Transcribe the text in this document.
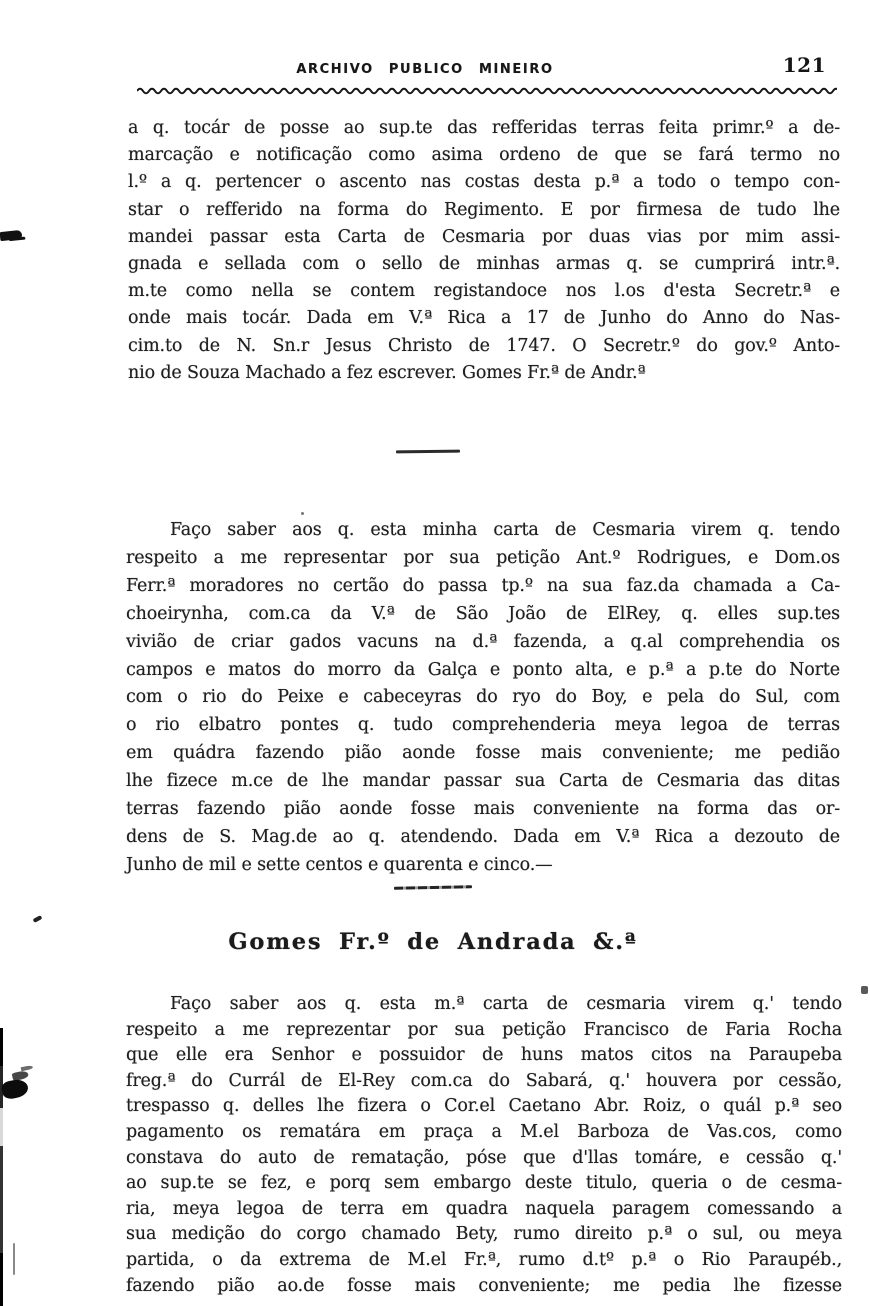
ARCHIVO PUBLICO MINEIRO	121
a q. tocár de posse ao sup.te das refferidas terras feita primr.º a de-
marcação e notificação como asima ordeno de que se fará termo no
l.º a q. pertencer o ascento nas costas desta p.ª a todo o tempo con-
star o refferido na forma do Regimento. E por firmesa de tudo lhe
mandei passar esta Carta de Cesmaria por duas vias por mim assi-
gnada e sellada com o sello de minhas armas q. se cumprirá intr.ª.
m.te como nella se contem registandoce nos l.os d'esta Secretr.ª e
onde mais tocár. Dada em V.ª Rica a 17 de Junho do Anno do Nas-
cim.to de N. Sn.r Jesus Christo de 1747. O Secretr.º do gov.º Anto-
nio de Souza Machado a fez escrever. Gomes Fr.ª de Andr.ª
Faço saber aos q. esta minha carta de Cesmaria virem q. tendo
respeito a me representar por sua petição Ant.º Rodrigues, e Dom.os
Ferr.ª moradores no certão do passa tp.º na sua faz.da chamada a Ca-
choeirynha, com.ca da V.ª de São João de ElRey, q. elles sup.tes
vivião de criar gados vacuns na d.ª fazenda, a q.al comprehendia os
campos e matos do morro da Galça e ponto alta, e p.ª a p.te do Norte
com o rio do Peixe e cabeceyras do ryo do Boy, e pela do Sul, com
o rio elbatro pontes q. tudo comprehenderia meya legoa de terras
em quádra fazendo pião aonde fosse mais conveniente; me pedião
lhe fizece m.ce de lhe mandar passar sua Carta de Cesmaria das ditas
terras fazendo pião aonde fosse mais conveniente na forma das or-
dens de S. Mag.de ao q. atendendo. Dada em V.ª Rica a dezouto de
Junho de mil e sette centos e quarenta e cinco.—
Gomes Fr.º de Andrada &.ª
Faço saber aos q. esta m.ª carta de cesmaria virem q.' tendo
respeito a me reprezentar por sua petição Francisco de Faria Rocha
que elle era Senhor e possuidor de huns matos citos na Paraupeba
freg.ª do Currál de El-Rey com.ca do Sabará, q.' houvera por cessão,
trespasso q. delles lhe fizera o Cor.el Caetano Abr. Roiz, o quál p.ª seo
pagamento os rematára em praça a M.el Barboza de Vas.cos, como
constava do auto de rematação, póse que d'llas tomáre, e cessão q.'
ao sup.te se fez, e porq sem embargo deste titulo, queria o de cesma-
ria, meya legoa de terra em quadra naquela paragem comessando a
sua medição do corgo chamado Bety, rumo direito p.ª o sul, ou meya
partida, o da extrema de M.el Fr.ª, rumo d.tº p.ª o Rio Paraupéb.,
fazendo pião ao.de fosse mais conveniente; me pedia lhe fizesse
